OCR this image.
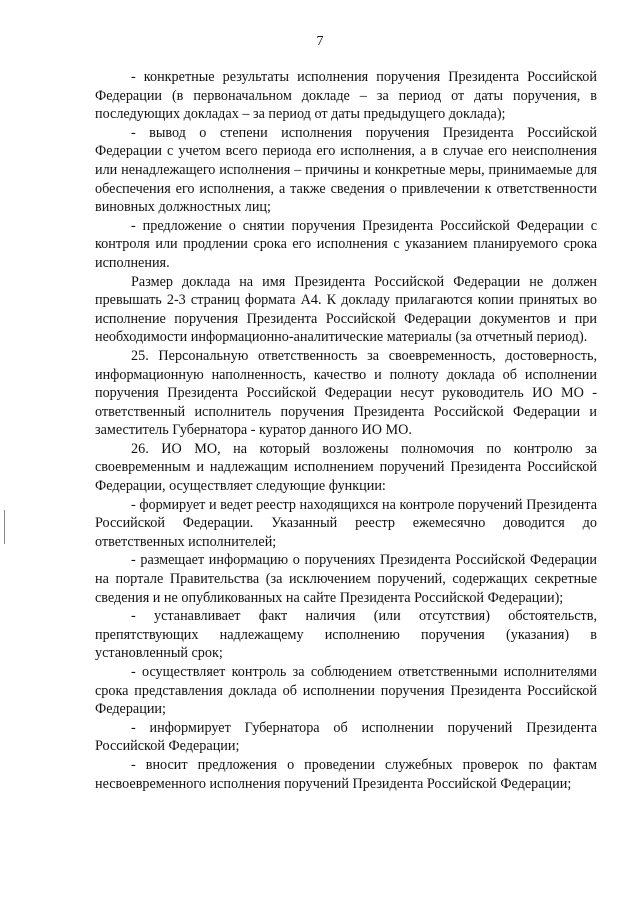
7

- конкретные результаты исполнения поручения Президента Российской Федерации (в первоначальном докладе – за период от даты поручения, в последующих докладах – за период от даты предыдущего доклада);

- вывод о степени исполнения поручения Президента Российской Федерации с учетом всего периода его исполнения, а в случае его неисполнения или ненадлежащего исполнения – причины и конкретные меры, принимаемые для обеспечения его исполнения, а также сведения о привлечении к ответственности виновных должностных лиц;

- предложение о снятии поручения Президента Российской Федерации с контроля или продлении срока его исполнения с указанием планируемого срока исполнения.

Размер доклада на имя Президента Российской Федерации не должен превышать 2-3 страниц формата А4. К докладу прилагаются копии принятых во исполнение поручения Президента Российской Федерации документов и при необходимости информационно-аналитические материалы (за отчетный период).

25. Персональную ответственность за своевременность, достоверность, информационную наполненность, качество и полноту доклада об исполнении поручения Президента Российской Федерации несут руководитель ИО МО - ответственный исполнитель поручения Президента Российской Федерации и заместитель Губернатора - куратор данного ИО МО.

26. ИО МО, на который возложены полномочия по контролю за своевременным и надлежащим исполнением поручений Президента Российской Федерации, осуществляет следующие функции:

- формирует и ведет реестр находящихся на контроле поручений Президента Российской Федерации. Указанный реестр ежемесячно доводится до ответственных исполнителей;

- размещает информацию о поручениях Президента Российской Федерации на портале Правительства (за исключением поручений, содержащих секретные сведения и не опубликованных на сайте Президента Российской Федерации);

- устанавливает факт наличия (или отсутствия) обстоятельств, препятствующих надлежащему исполнению поручения (указания) в установленный срок;

- осуществляет контроль за соблюдением ответственными исполнителями срока представления доклада об исполнении поручения Президента Российской Федерации;

- информирует Губернатора об исполнении поручений Президента Российской Федерации;

- вносит предложения о проведении служебных проверок по фактам несвоевременного исполнения поручений Президента Российской Федерации;
